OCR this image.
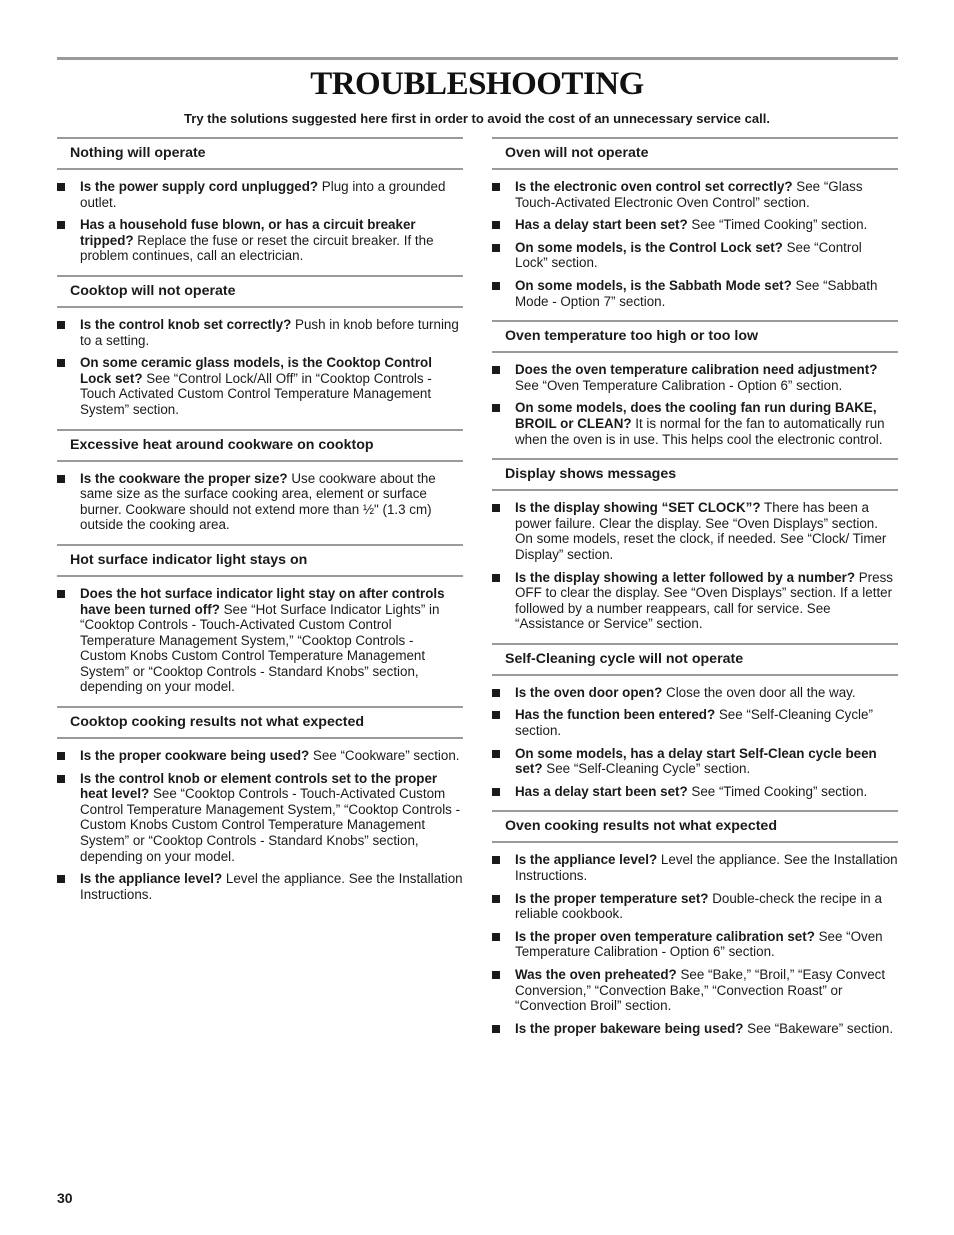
TROUBLESHOOTING
Try the solutions suggested here first in order to avoid the cost of an unnecessary service call.
Nothing will operate
Is the power supply cord unplugged? Plug into a grounded outlet.
Has a household fuse blown, or has a circuit breaker tripped? Replace the fuse or reset the circuit breaker. If the problem continues, call an electrician.
Cooktop will not operate
Is the control knob set correctly? Push in knob before turning to a setting.
On some ceramic glass models, is the Cooktop Control Lock set? See “Control Lock/All Off” in “Cooktop Controls - Touch Activated Custom Control Temperature Management System” section.
Excessive heat around cookware on cooktop
Is the cookware the proper size? Use cookware about the same size as the surface cooking area, element or surface burner. Cookware should not extend more than ½" (1.3 cm) outside the cooking area.
Hot surface indicator light stays on
Does the hot surface indicator light stay on after controls have been turned off? See “Hot Surface Indicator Lights” in “Cooktop Controls - Touch-Activated Custom Control Temperature Management System,” “Cooktop Controls - Custom Knobs Custom Control Temperature Management System” or “Cooktop Controls - Standard Knobs” section, depending on your model.
Cooktop cooking results not what expected
Is the proper cookware being used? See “Cookware” section.
Is the control knob or element controls set to the proper heat level? See “Cooktop Controls - Touch-Activated Custom Control Temperature Management System,” “Cooktop Controls - Custom Knobs Custom Control Temperature Management System” or “Cooktop Controls - Standard Knobs” section, depending on your model.
Is the appliance level? Level the appliance. See the Installation Instructions.
Oven will not operate
Is the electronic oven control set correctly? See “Glass Touch-Activated Electronic Oven Control” section.
Has a delay start been set? See “Timed Cooking” section.
On some models, is the Control Lock set? See “Control Lock” section.
On some models, is the Sabbath Mode set? See “Sabbath Mode - Option 7” section.
Oven temperature too high or too low
Does the oven temperature calibration need adjustment? See “Oven Temperature Calibration - Option 6” section.
On some models, does the cooling fan run during BAKE, BROIL or CLEAN? It is normal for the fan to automatically run when the oven is in use. This helps cool the electronic control.
Display shows messages
Is the display showing “SET CLOCK”? There has been a power failure. Clear the display. See “Oven Displays” section. On some models, reset the clock, if needed. See “Clock/ Timer Display” section.
Is the display showing a letter followed by a number? Press OFF to clear the display. See “Oven Displays” section. If a letter followed by a number reappears, call for service. See “Assistance or Service” section.
Self-Cleaning cycle will not operate
Is the oven door open? Close the oven door all the way.
Has the function been entered? See “Self-Cleaning Cycle” section.
On some models, has a delay start Self-Clean cycle been set? See “Self-Cleaning Cycle” section.
Has a delay start been set? See “Timed Cooking” section.
Oven cooking results not what expected
Is the appliance level? Level the appliance. See the Installation Instructions.
Is the proper temperature set? Double-check the recipe in a reliable cookbook.
Is the proper oven temperature calibration set? See “Oven Temperature Calibration - Option 6” section.
Was the oven preheated? See “Bake,” “Broil,” “Easy Convect Conversion,” “Convection Bake,” “Convection Roast” or “Convection Broil” section.
Is the proper bakeware being used? See “Bakeware” section.
30
